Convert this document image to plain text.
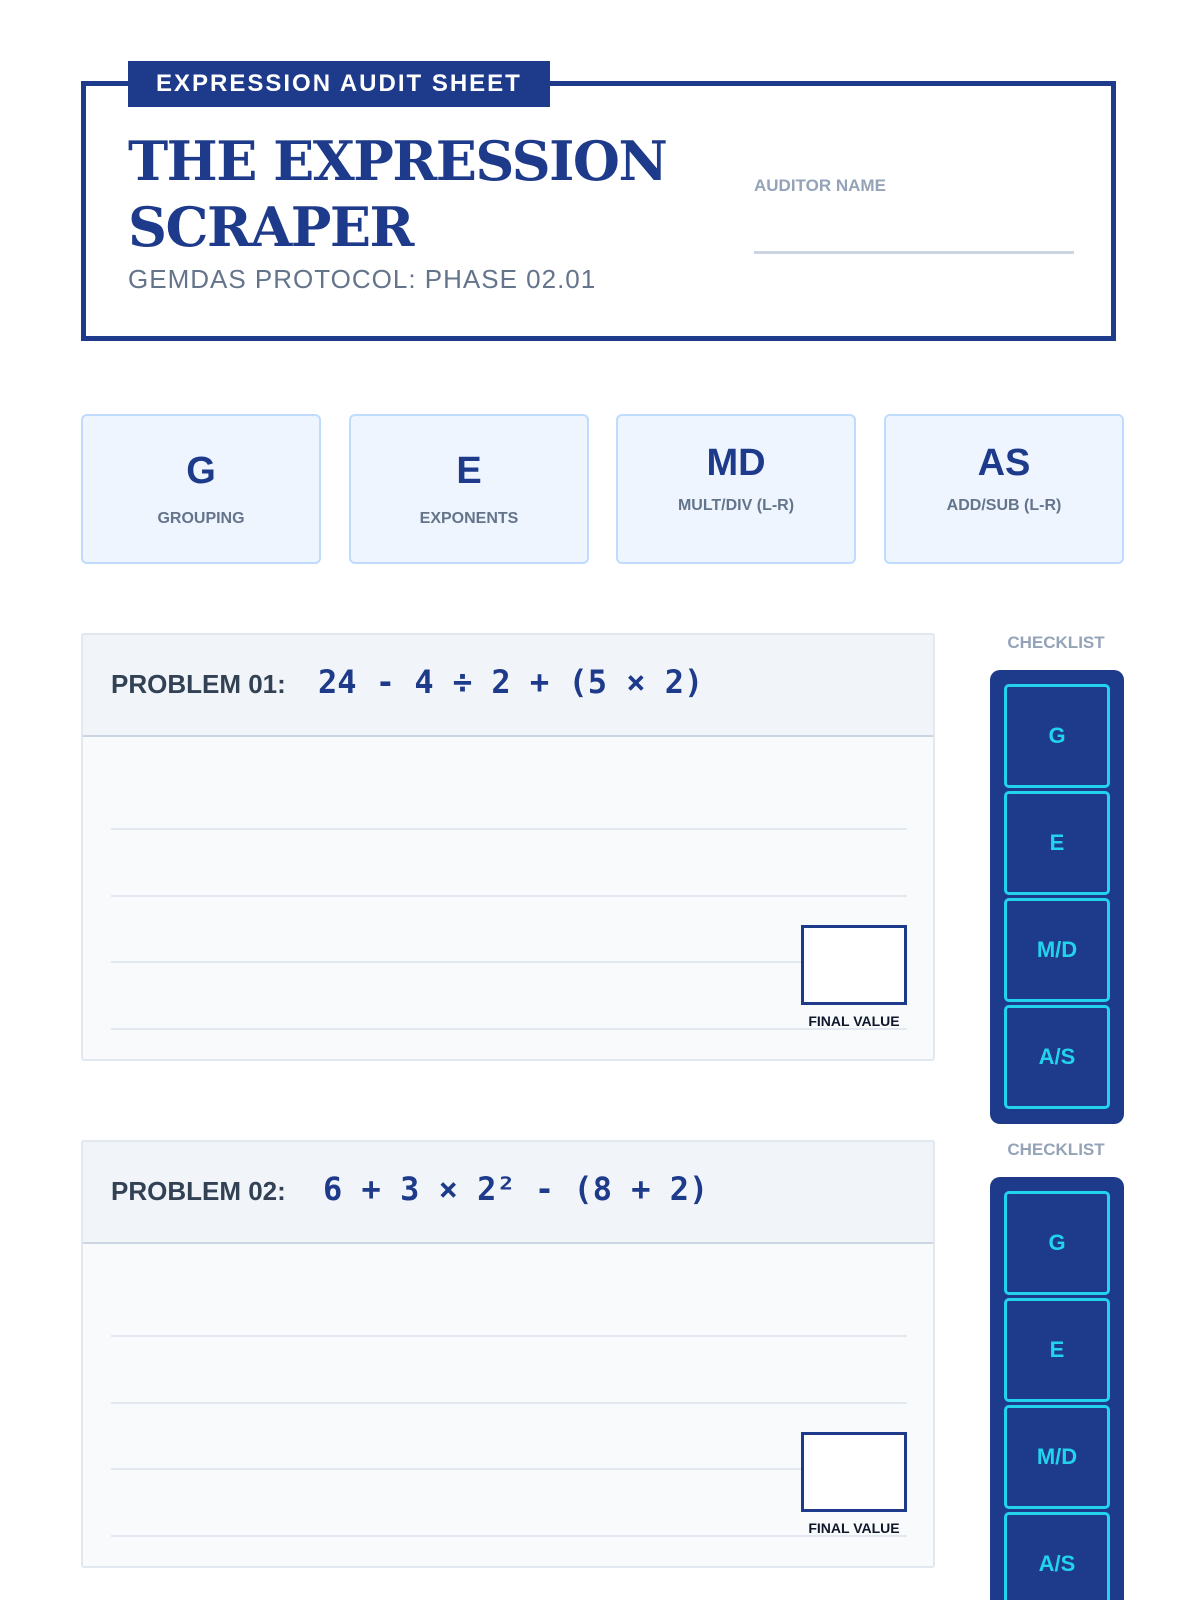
EXPRESSION AUDIT SHEET
THE EXPRESSION SCRAPER
GEMDAS PROTOCOL: PHASE 02.01
AUDITOR NAME
G
GROUPING
E
EXPONENTS
MD
MULT/DIV (L-R)
AS
ADD/SUB (L-R)
PROBLEM 01: 24 - 4 ÷ 2 + (5 × 2)
FINAL VALUE
PROBLEM 02: 6 + 3 × 2² - (8 + 2)
FINAL VALUE
CHECKLIST
G
E
M/D
A/S
CHECKLIST
G
E
M/D
A/S
